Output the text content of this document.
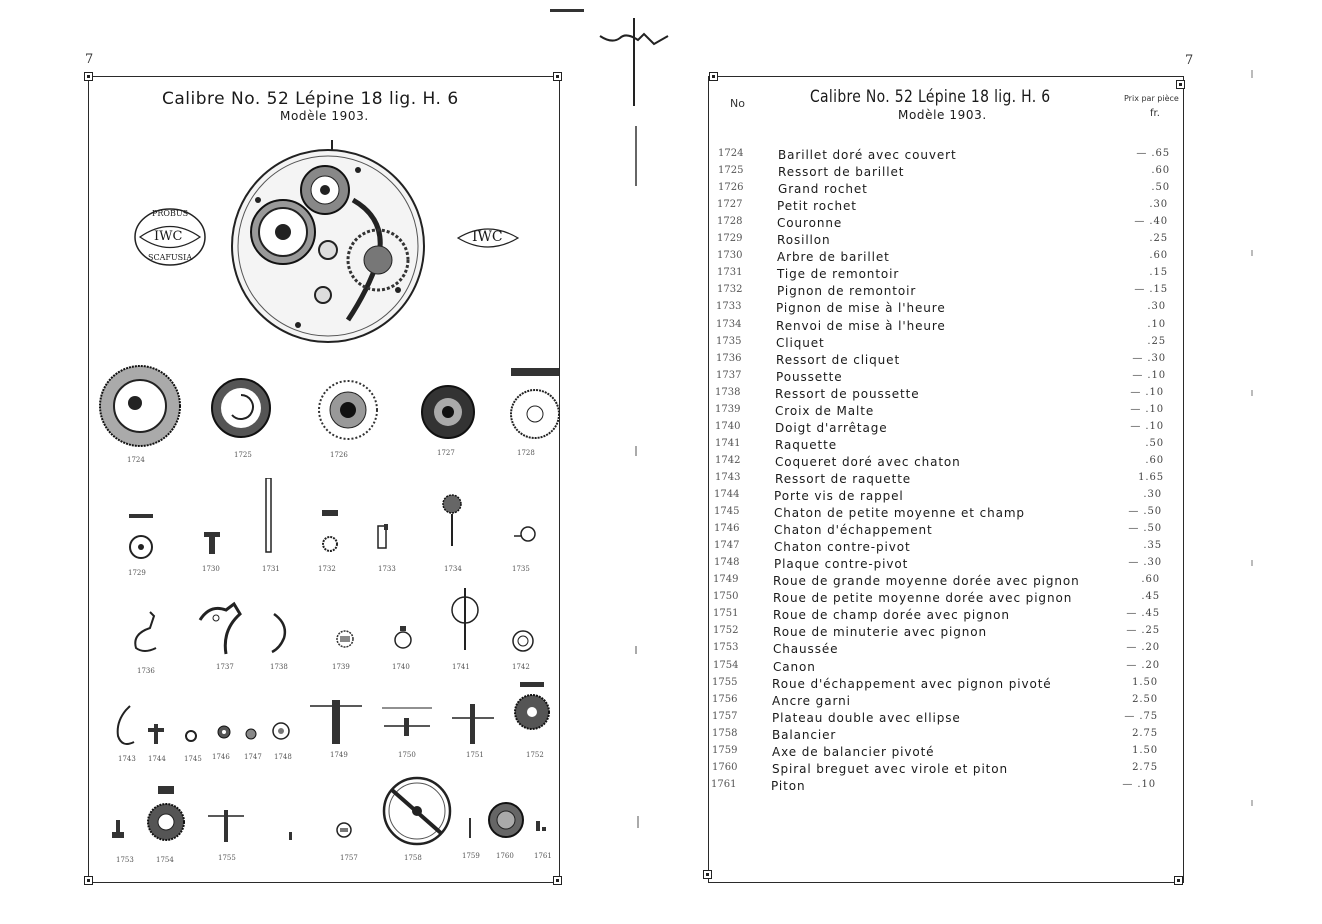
7
Calibre No. 52 Lépine 18 lig. H. 6
Modèle 1903.
PROBUS
IWC
SCAFUSIA
IWC
1724
1725	1726	1727	1728
1729	1730	1731	1732	1733	1734	1735
1736	1737	1738	1739	1740	1741	1742
1743 1744	1745 1746 1747 1748	1749	1750	1751	1752
1753	1754	1755	1757	1758	1759 1760	1761
7
No	Calibre No. 52 Lépine 18 lig. H. 6
Modèle 1903.
Prix par pièce
fr.
1724	Barillet doré avec couvert	— .65
1725	Ressort de barillet	.60
1726	Grand rochet	.50
1727	Petit rochet	.30
1728	Couronne	— .40
1729	Rosillon	.25
1730	Arbre de barillet	.60
1731	Tige de remontoir	.15
1732	Pignon de remontoir	— .15
1733	Pignon de mise à l'heure	.30
1734	Renvoi de mise à l'heure	.10
1735	Cliquet	.25
1736	Ressort de cliquet	— .30
1737	Poussette	— .10
1738	Ressort de poussette	— .10
1739	Croix de Malte	— .10
1740	Doigt d'arrêtage	— .10
1741	Raquette	.50
1742	Coqueret doré avec chaton	.60
1743	Ressort de raquette	1.65
1744	Porte vis de rappel	.30
1745	Chaton de petite moyenne et champ	— .50
1746	Chaton d'échappement	— .50
1747	Chaton contre-pivot	.35
1748	Plaque contre-pivot	— .30
1749	Roue de grande moyenne dorée avec pignon	.60
1750	Roue de petite moyenne dorée avec pignon	.45
1751	Roue de champ dorée avec pignon	— .45
1752	Roue de minuterie avec pignon	— .25
1753	Chaussée	— .20
1754	Canon	— .20
1755	Roue d'échappement avec pignon pivoté	1.50
1756	Ancre garni	2.50
1757	Plateau double avec ellipse	— .75
1758	Balancier	2.75
1759	Axe de balancier pivoté	1.50
1760	Spiral breguet avec virole et piton	2.75
1761	Piton	— .10
